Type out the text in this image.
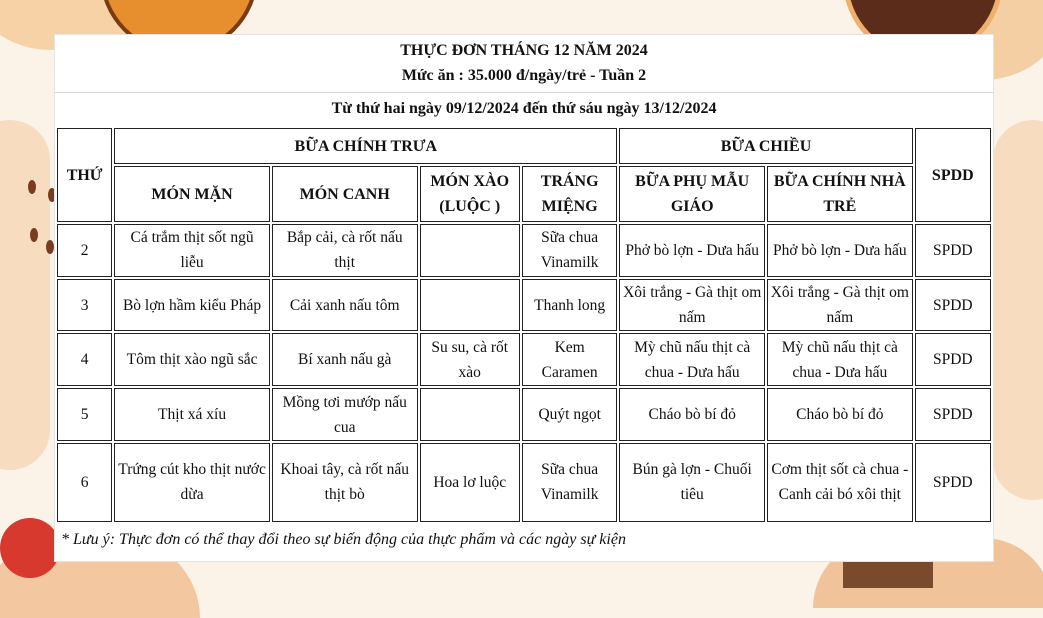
THỰC ĐƠN THÁNG 12 NĂM 2024
Mức ăn : 35.000 đ/ngày/trẻ - Tuần 2
Từ thứ hai ngày 09/12/2024 đến thứ sáu ngày 13/12/2024
THỨ	BỮA CHÍNH TRƯA				BỮA CHIỀU		SPDD
	MÓN MẶN	MÓN CANH	MÓN XÀO (LUỘC )	TRÁNG MIỆNG	BỮA PHỤ MẪU GIÁO	BỮA CHÍNH NHÀ TRẺ	
2	Cá trắm thịt sốt ngũ liễu	Bắp cải, cà rốt nấu thịt		Sữa chua Vinamilk	Phở bò lợn - Dưa hấu	Phở bò lợn - Dưa hấu	SPDD
3	Bò lợn hầm kiểu Pháp	Cải xanh nấu tôm		Thanh long	Xôi trắng - Gà thịt om nấm	Xôi trắng - Gà thịt om nấm	SPDD
4	Tôm thịt xào ngũ sắc	Bí xanh nấu gà	Su su, cà rốt xào	Kem Caramen	Mỳ chũ nấu thịt cà chua - Dưa hấu	Mỳ chũ nấu thịt cà chua - Dưa hấu	SPDD
5	Thịt xá xíu	Mồng tơi mướp nấu cua		Quýt ngọt	Cháo bò bí đỏ	Cháo bò bí đỏ	SPDD
6	Trứng cút kho thịt nước dừa	Khoai tây, cà rốt nấu thịt bò	Hoa lơ luộc	Sữa chua Vinamilk	Bún gà lợn - Chuối tiêu	Cơm thịt sốt cà chua - Canh cải bó xôi thịt	SPDD
* Lưu ý: Thực đơn có thể thay đổi theo sự biến động của thực phẩm và các ngày sự kiện
